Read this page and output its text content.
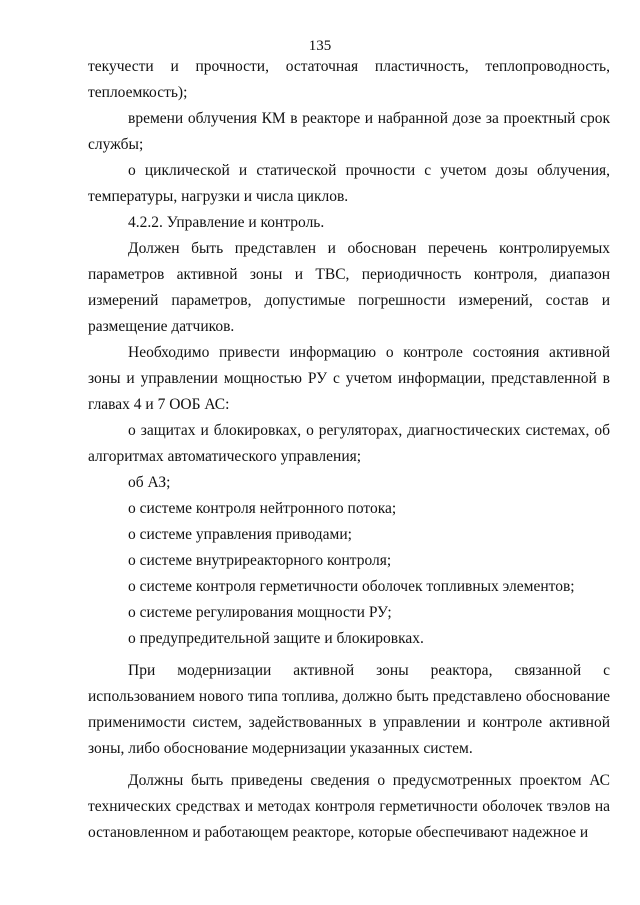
135

текучести и прочности, остаточная пластичность, теплопроводность, теплоемкость);

времени облучения КМ в реакторе и набранной дозе за проектный срок службы;

о циклической и статической прочности с учетом дозы облучения, температуры, нагрузки и числа циклов.

4.2.2. Управление и контроль.

Должен быть представлен и обоснован перечень контролируемых параметров активной зоны и ТВС, периодичность контроля, диапазон измерений параметров, допустимые погрешности измерений, состав и размещение датчиков.

Необходимо привести информацию о контроле состояния активной зоны и управлении мощностью РУ с учетом информации, представленной в главах 4 и 7 ООБ АС:

о защитах и блокировках, о регуляторах, диагностических системах, об алгоритмах автоматического управления;

об АЗ;

о системе контроля нейтронного потока;

о системе управления приводами;

о системе внутриреакторного контроля;

о системе контроля герметичности оболочек топливных элементов;

о системе регулирования мощности РУ;

о предупредительной защите и блокировках.

При модернизации активной зоны реактора, связанной с использованием нового типа топлива, должно быть представлено обоснование применимости систем, задействованных в управлении и контроле активной зоны, либо обоснование модернизации указанных систем.

Должны быть приведены сведения о предусмотренных проектом АС технических средствах и методах контроля герметичности оболочек твэлов на остановленном и работающем реакторе, которые обеспечивают надежное и
